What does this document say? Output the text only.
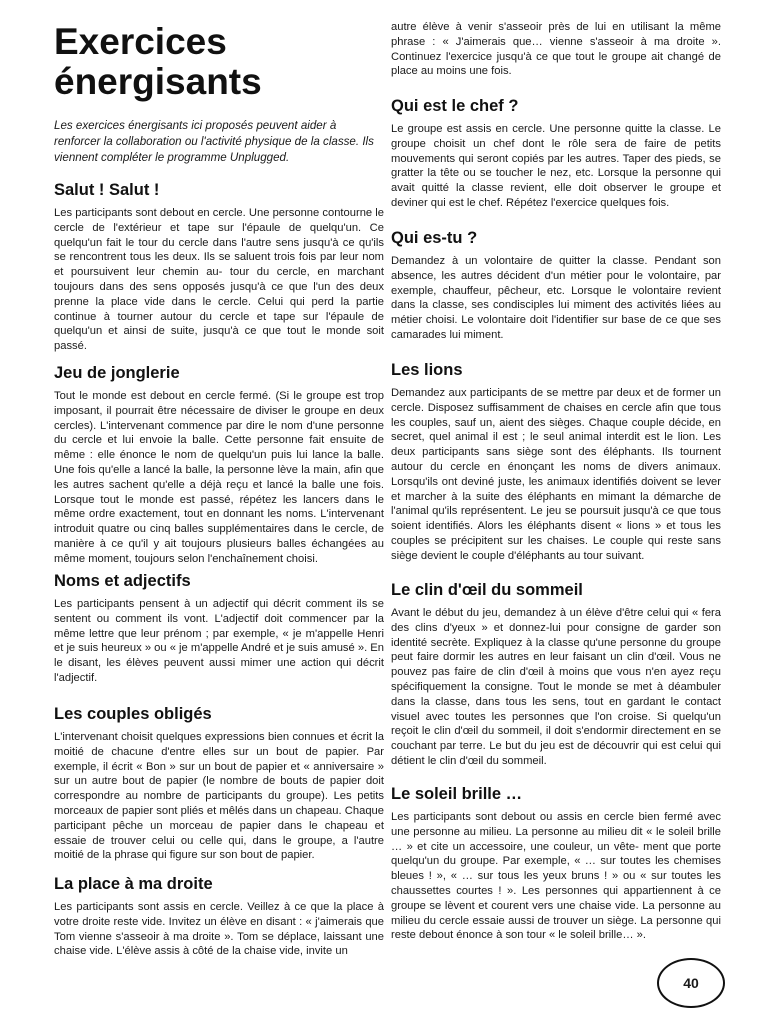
Exercices énergisants

Les exercices énergisants ici proposés peuvent aider à renforcer la collaboration ou l'activité physique de la classe. Ils viennent compléter le programme Unplugged.

Salut ! Salut !

Les participants sont debout en cercle. Une personne contourne le cercle de l'extérieur et tape sur l'épaule de quelqu'un. Ce quelqu'un fait le tour du cercle dans l'autre sens jusqu'à ce qu'ils se rencontrent tous les deux. Ils se saluent trois fois par leur nom et poursuivent leur chemin au- tour du cercle, en marchant toujours dans des sens opposés jusqu'à ce que l'un des deux prenne la place vide dans le cercle. Celui qui perd la partie continue à tourner autour du cercle et tape sur l'épaule de quelqu'un et ainsi de suite, jusqu'à ce que tout le monde soit passé.

Jeu de jonglerie

Tout le monde est debout en cercle fermé. (Si le groupe est trop imposant, il pourrait être nécessaire de diviser le groupe en deux cercles). L'intervenant commence par dire le nom d'une personne du cercle et lui envoie la balle. Cette personne fait ensuite de même : elle énonce le nom de quelqu'un puis lui lance la balle. Une fois qu'elle a lancé la balle, la personne lève la main, afin que les autres sachent qu'elle a déjà reçu et lancé la balle une fois. Lorsque tout le monde est passé, répétez les lancers dans le même ordre exactement, tout en donnant les noms. L'intervenant introduit quatre ou cinq balles supplémentaires dans le cercle, de manière à ce qu'il y ait toujours plusieurs balles échangées au même moment, toujours selon l'enchaînement choisi.

Noms et adjectifs

Les participants pensent à un adjectif qui décrit comment ils se sentent ou comment ils vont. L'adjectif doit commencer par la même lettre que leur prénom ; par exemple, « je m'appelle Henri et je suis heureux » ou « je m'appelle André et je suis amusé ». En le disant, les élèves peuvent aussi mimer une action qui décrit l'adjectif.

Les couples obligés

L'intervenant choisit quelques expressions bien connues et écrit la moitié de chacune d'entre elles sur un bout de papier. Par exemple, il écrit « Bon » sur un bout de papier et « anniversaire » sur un autre bout de papier (le nombre de bouts de papier doit correspondre au nombre de participants du groupe). Les petits morceaux de papier sont pliés et mêlés dans un chapeau. Chaque participant pêche un morceau de papier dans le chapeau et essaie de trouver celui ou celle qui, dans le groupe, a l'autre moitié de la phrase qui figure sur son bout de papier.

La place à ma droite

Les participants sont assis en cercle. Veillez à ce que la place à votre droite reste vide. Invitez un élève en disant : « j'aimerais que Tom vienne s'asseoir à ma droite ». Tom se déplace, laissant une chaise vide. L'élève assis à côté de la chaise vide, invite un

autre élève à venir s'asseoir près de lui en utilisant la même phrase : « J'aimerais que… vienne s'asseoir à ma droite ». Continuez l'exercice jusqu'à ce que tout le groupe ait changé de place au moins une fois.

Qui est le chef ?

Le groupe est assis en cercle. Une personne quitte la classe. Le groupe choisit un chef dont le rôle sera de faire de petits mouvements qui seront copiés par les autres. Taper des pieds, se gratter la tête ou se toucher le nez, etc. Lorsque la personne qui avait quitté la classe revient, elle doit observer le groupe et deviner qui est le chef. Répétez l'exercice quelques fois.

Qui es-tu ?

Demandez à un volontaire de quitter la classe. Pendant son absence, les autres décident d'un métier pour le volontaire, par exemple, chauffeur, pêcheur, etc. Lorsque le volontaire revient dans la classe, ses condisciples lui miment des activités liées au métier choisi. Le volontaire doit l'identifier sur base de ce que ses camarades lui miment.

Les lions

Demandez aux participants de se mettre par deux et de former un cercle. Disposez suffisamment de chaises en cercle afin que tous les couples, sauf un, aient des sièges. Chaque couple décide, en secret, quel animal il est ; le seul animal interdit est le lion. Les deux participants sans siège sont des éléphants. Ils tournent autour du cercle en énonçant les noms de divers animaux. Lorsqu'ils ont deviné juste, les animaux identifiés doivent se lever et marcher à la suite des éléphants en mimant la démarche de l'animal qu'ils représentent. Le jeu se poursuit jusqu'à ce que tous soient identifiés. Alors les éléphants disent « lions » et tous les couples se précipitent sur les chaises. Le couple qui reste sans siège devient le couple d'éléphants au tour suivant.

Le clin d'œil du sommeil

Avant le début du jeu, demandez à un élève d'être celui qui « fera des clins d'yeux » et donnez-lui pour consigne de garder son identité secrète. Expliquez à la classe qu'une personne du groupe peut faire dormir les autres en leur faisant un clin d'œil. Vous ne pouvez pas faire de clin d'œil à moins que vous n'en ayez reçu spécifiquement la consigne. Tout le monde se met à déambuler dans la classe, dans tous les sens, tout en gardant le contact visuel avec toutes les personnes que l'on croise. Si quelqu'un reçoit le clin d'œil du sommeil, il doit s'endormir directement en se couchant par terre. Le but du jeu est de découvrir qui est celui qui détient le clin d'œil du sommeil.

Le soleil brille …

Les participants sont debout ou assis en cercle bien fermé avec une personne au milieu. La personne au milieu dit « le soleil brille … » et cite un accessoire, une couleur, un vête- ment que porte quelqu'un du groupe. Par exemple, « … sur toutes les chemises bleues ! », « … sur tous les yeux bruns ! » ou « sur toutes les chaussettes courtes ! ». Les personnes qui appartiennent à ce groupe se lèvent et courent vers une chaise vide. La personne au milieu du cercle essaie aussi de trouver un siège. La personne qui reste debout énonce à son tour « le soleil brille… ».

40
